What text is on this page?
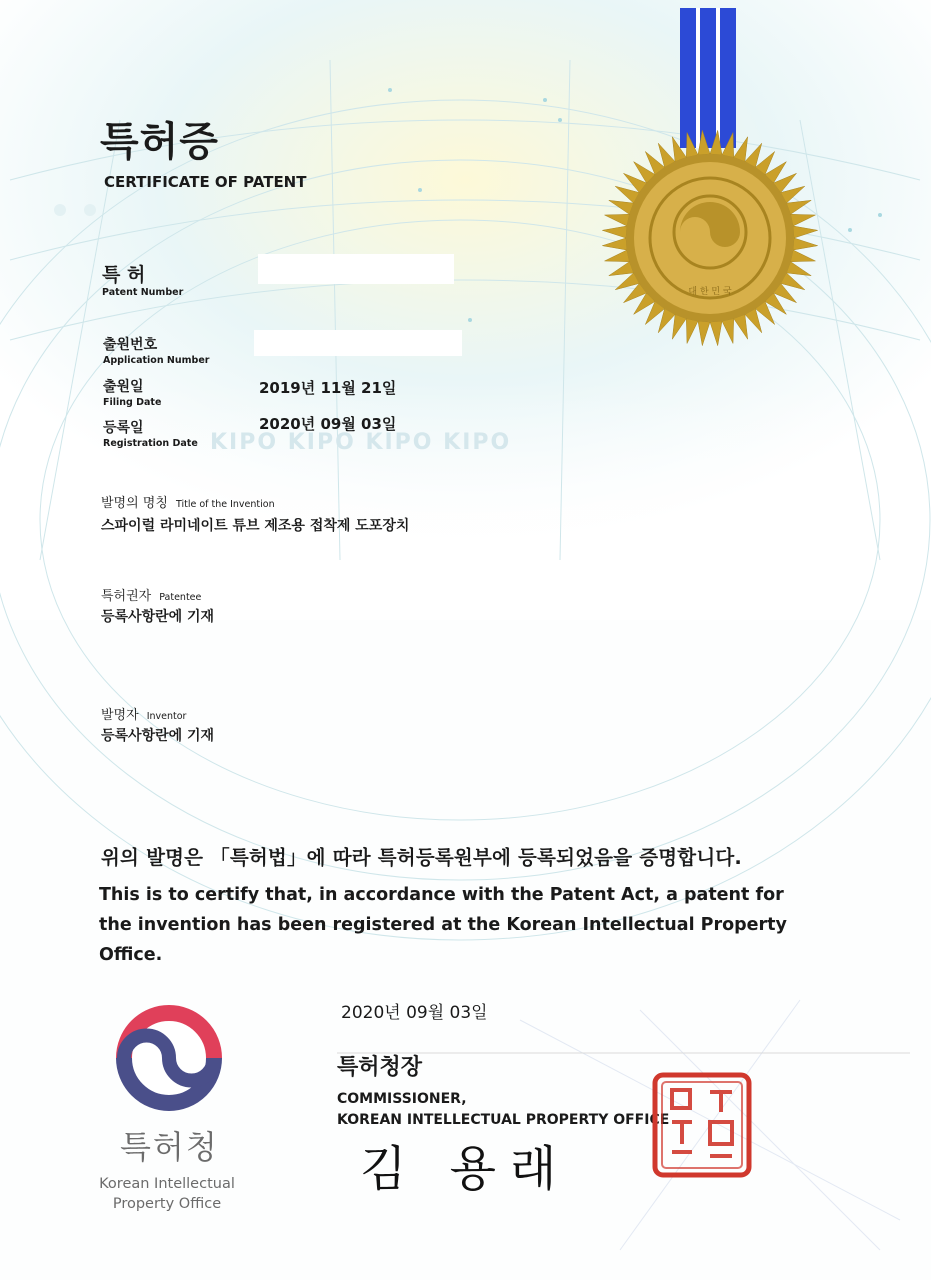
KIPO KIPO KIPO KIPO
대 한 민 국
특허증
CERTIFICATE OF PATENT
특 허
Patent Number
출원번호
Application Number
출원일
Filing Date
2019년 11월 21일
등록일
Registration Date
2020년 09월 03일
발명의 명칭 Title of the Invention
스파이럴 라미네이트 튜브 제조용 접착제 도포장치
특허권자 Patentee
등록사항란에 기재
발명자 Inventor
등록사항란에 기재
위의 발명은 「특허법」에 따라 특허등록원부에 등록되었음을 증명합니다.
This is to certify that, in accordance with the Patent Act, a patent for the invention has been registered at the Korean Intellectual Property Office.
2020년 09월 03일
특허청장
COMMISSIONER,
KOREAN INTELLECTUAL PROPERTY OFFICE
김 용래
특허청
Korean Intellectual
Property Office
